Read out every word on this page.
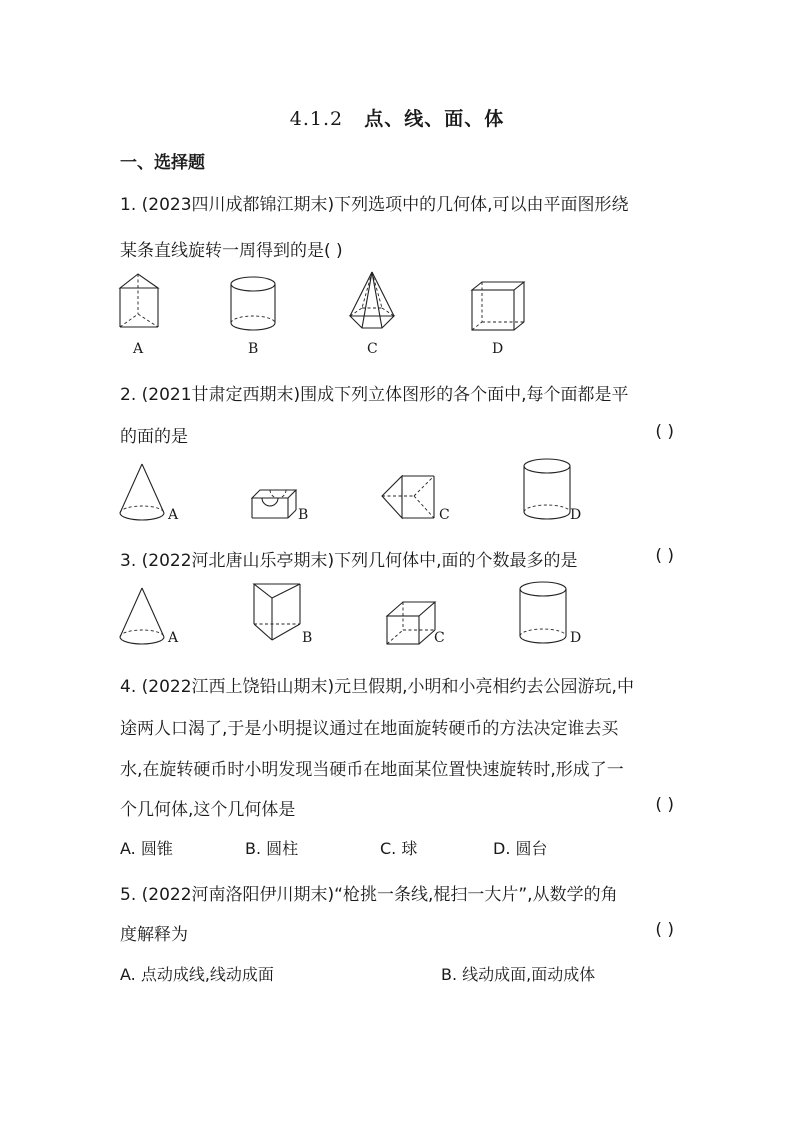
4.1.2 点、线、面、体
一、选择题
1. (2023四川成都锦江期末)下列选项中的几何体,可以由平面图形绕
某条直线旋转一周得到的是( )
A	B	C	D
2. (2021甘肃定西期末)围成下列立体图形的各个面中,每个面都是平
的面的是	( )
A	B	C	D
3. (2022河北唐山乐亭期末)下列几何体中,面的个数最多的是	( )
A	B	C	D
4. (2022江西上饶铅山期末)元旦假期,小明和小亮相约去公园游玩,中
途两人口渴了,于是小明提议通过在地面旋转硬币的方法决定谁去买
水,在旋转硬币时小明发现当硬币在地面某位置快速旋转时,形成了一
个几何体,这个几何体是	( )
A. 圆锥	B. 圆柱	C. 球	D. 圆台
5. (2022河南洛阳伊川期末)“枪挑一条线,棍扫一大片”,从数学的角
度解释为	( )
A. 点动成线,线动成面	B. 线动成面,面动成体
